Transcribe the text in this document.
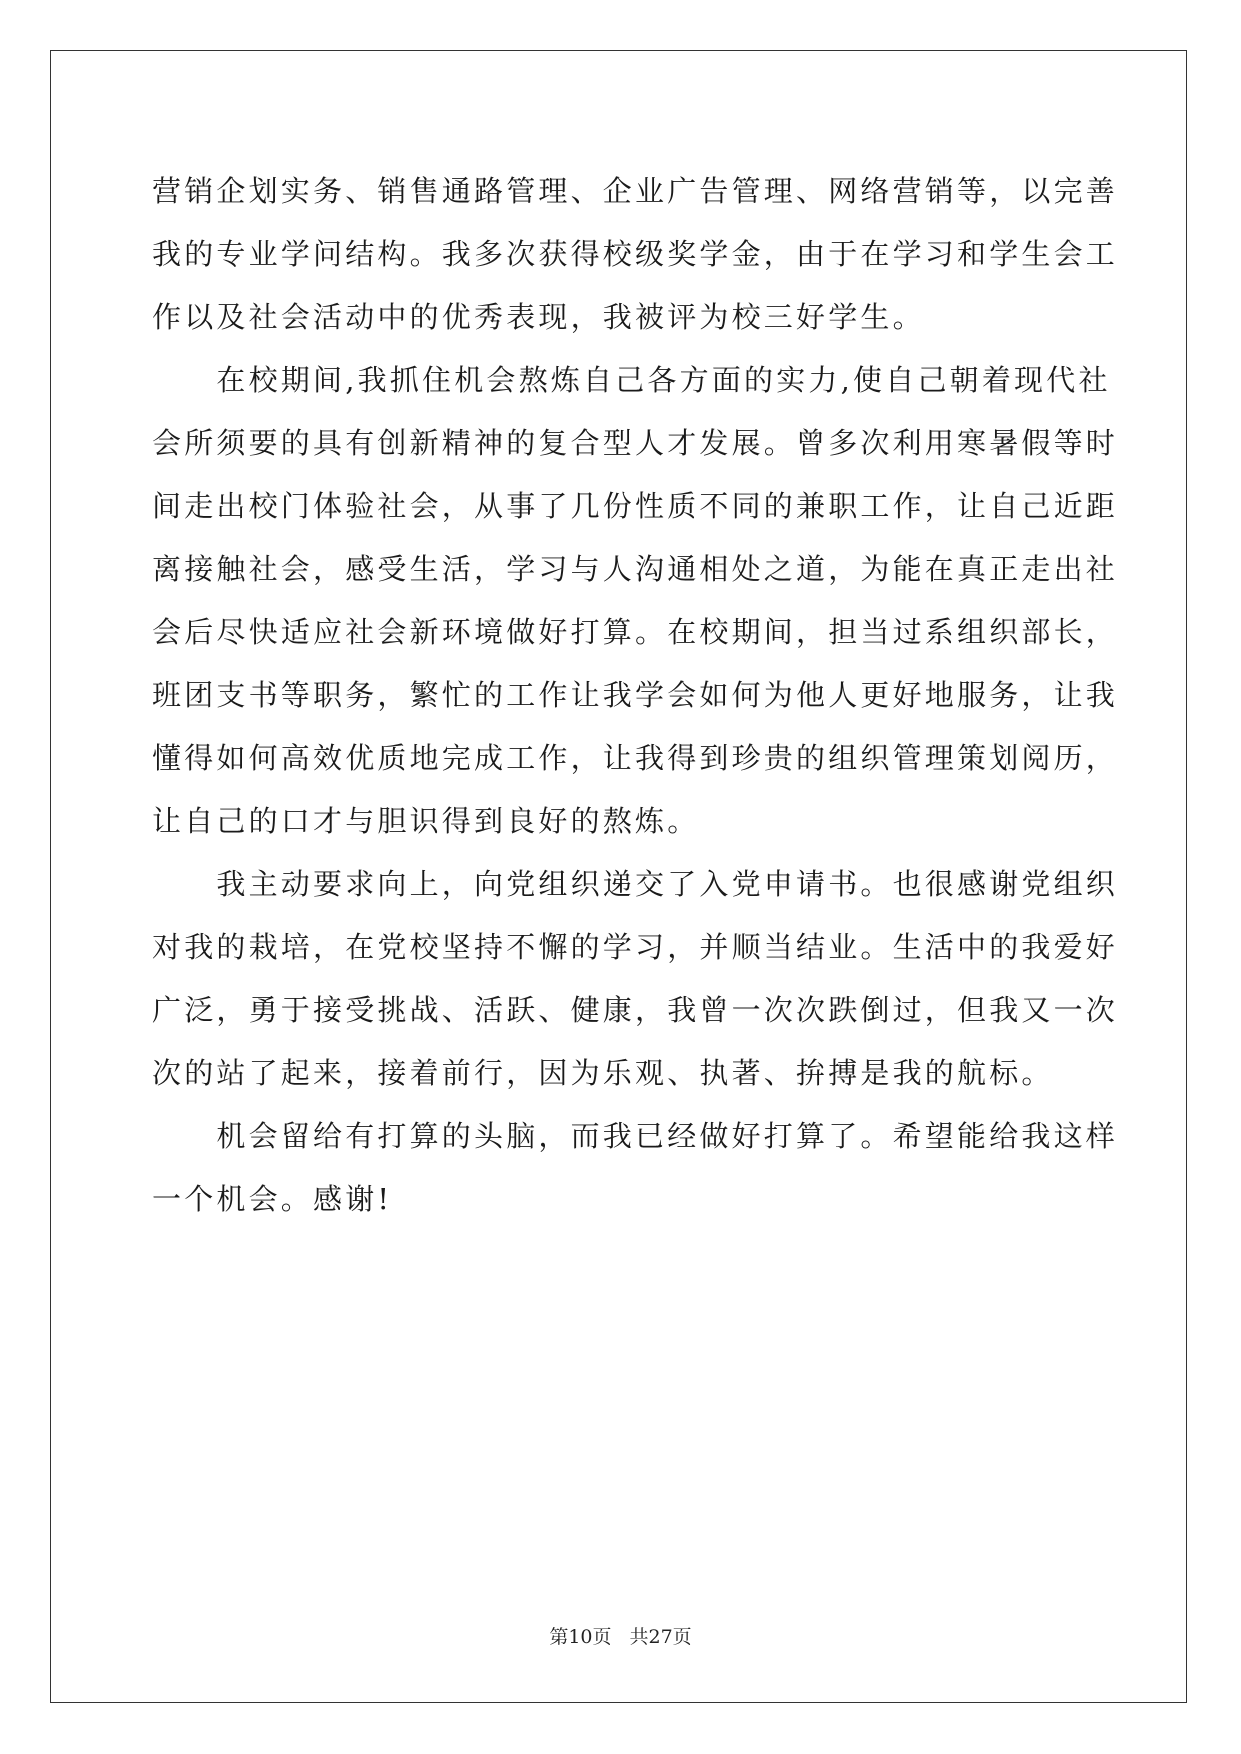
营销企划实务、销售通路管理、企业广告管理、网络营销等，以完善

我的专业学问结构。我多次获得校级奖学金，由于在学习和学生会工

作以及社会活动中的优秀表现，我被评为校三好学生。

　　在校期间,我抓住机会熬炼自己各方面的实力,使自己朝着现代社

会所须要的具有创新精神的复合型人才发展。曾多次利用寒暑假等时

间走出校门体验社会，从事了几份性质不同的兼职工作，让自己近距

离接触社会，感受生活，学习与人沟通相处之道，为能在真正走出社

会后尽快适应社会新环境做好打算。在校期间，担当过系组织部长，

班团支书等职务，繁忙的工作让我学会如何为他人更好地服务，让我

懂得如何高效优质地完成工作，让我得到珍贵的组织管理策划阅历，

让自己的口才与胆识得到良好的熬炼。

　　我主动要求向上，向党组织递交了入党申请书。也很感谢党组织

对我的栽培，在党校坚持不懈的学习，并顺当结业。生活中的我爱好

广泛，勇于接受挑战、活跃、健康，我曾一次次跌倒过，但我又一次

次的站了起来，接着前行，因为乐观、执著、拚搏是我的航标。

　　机会留给有打算的头脑，而我已经做好打算了。希望能给我这样

一个机会。感谢!

第10页 共27页
